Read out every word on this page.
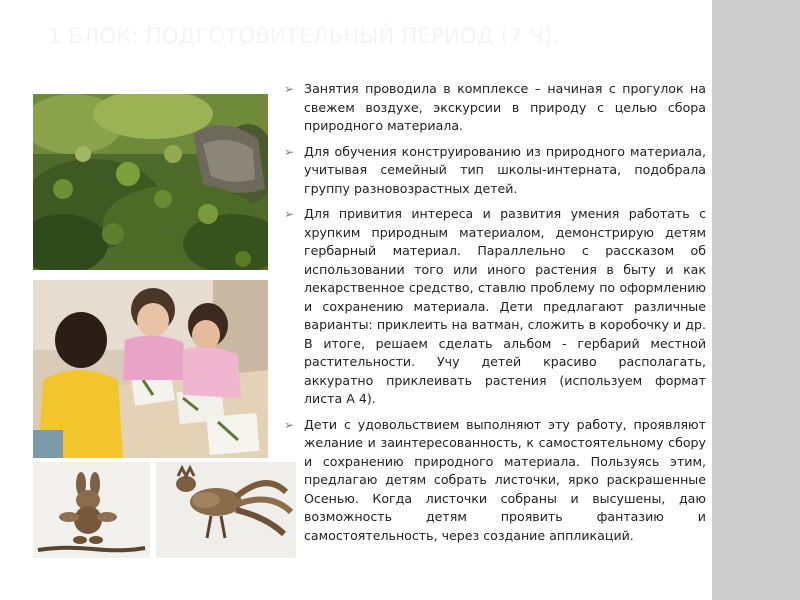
1 БЛОК: ПОДГОТОВИТЕЛЬНЫЙ ПЕРИОД (7 Ч).
➢ Занятия проводила в комплексе – начиная с прогулок на свежем воздухе, экскурсии в природу с целью сбора природного материала.
➢ Для обучения конструированию из природного материала, учитывая семейный тип школы-интерната, подобрала группу разновозрастных детей.
➢ Для привития интереса и развития умения работать с хрупким природным материалом, демонстрирую детям гербарный материал. Параллельно с рассказом об использовании того или иного растения в быту и как лекарственное средство, ставлю проблему по оформлению и сохранению материала. Дети предлагают различные варианты: приклеить на ватман, сложить в коробочку и др. В итоге, решаем сделать альбом - гербарий местной растительности. Учу детей красиво располагать, аккуратно приклеивать растения (используем формат листа А 4).
➢ Дети с удовольствием выполняют эту работу, проявляют желание и заинтересованность, к самостоятельному сбору и сохранению природного материала. Пользуясь этим, предлагаю детям собрать листочки, ярко раскрашенные Осенью. Когда листочки собраны и высушены, даю возможность детям проявить фантазию и самостоятельность, через создание аппликаций.
